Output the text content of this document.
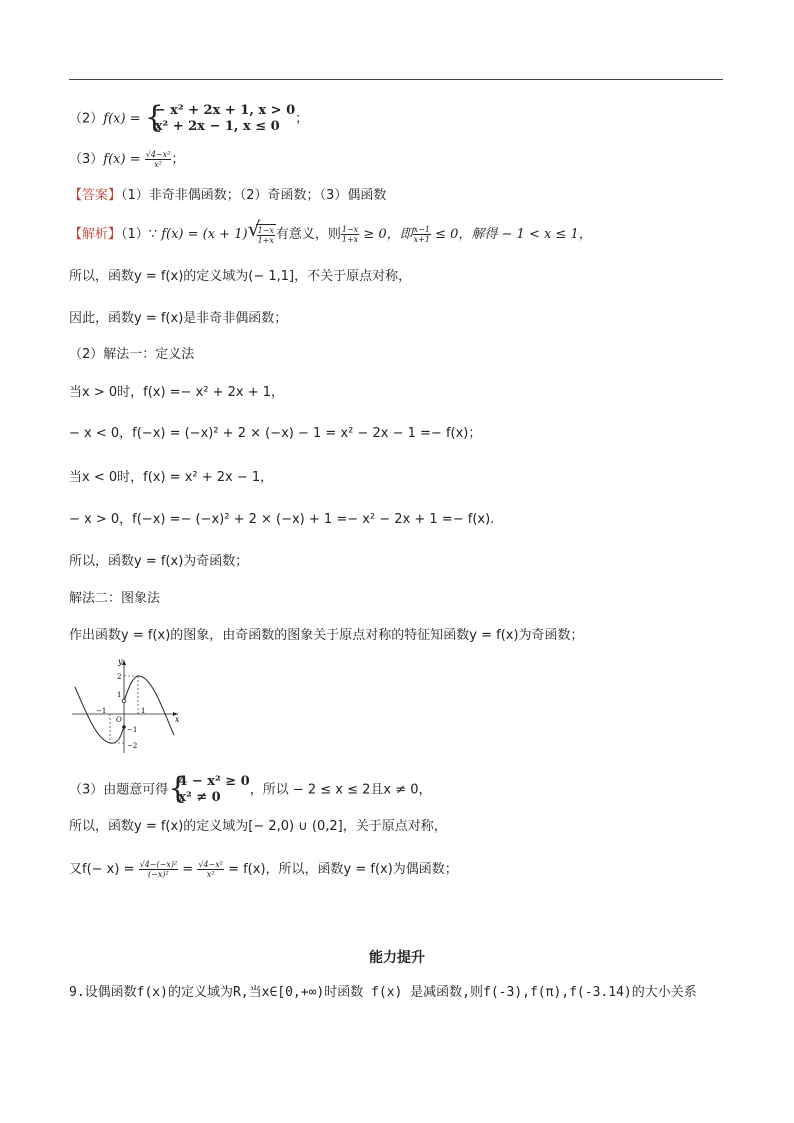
（2）f(x) = {
− x² + 2x + 1, x > 0
x² + 2x − 1, x ≤ 0	；
$(3)f(x) = \frac{\text{√4−x²}}{\text{x²}}$ ；
【答案】（1）非奇非偶函数；（2）奇函数；（3）偶函数
【解析】（1）∵ f(x) = (x + 1) √
$\frac{1-x}{1+x}$ 有意义，则 $\frac{1-x}{1+x} \ge 0$，即 $\frac{x-1}{x+1} \le 0$，解得 − 1 < x ≤ 1，
所以，函数y = f(x)的定义域为(− 1,1]，不关于原点对称，
因此，函数y = f(x)是非奇非偶函数；
（2）解法一：定义法
当x > 0时，f(x) =− x² + 2x + 1，
− x < 0，f(−x) = (−x)² + 2 × (−x) − 1 = x² − 2x − 1 =− f(x)；
当x < 0时，f(x) = x² + 2x − 1，
− x > 0，f(−x) =− (−x)² + 2 × (−x) + 1 =− x² − 2x + 1 =− f(x).
所以，函数y = f(x)为奇函数；
解法二：图象法
作出函数y = f(x)的图象，由奇函数的图象关于原点对称的特征知函数y = f(x)为奇函数；
y
x
O
2
1
−1
−2
1
−1
（3）由题意可得 {
4 − x² ≥ 0
x² ≠ 0	，所以 − 2 ≤ x ≤ 2且x ≠ 0，
所以，函数y = f(x)的定义域为[− 2,0) ∪ (0,2]，关于原点对称，
又$f(- x) = \frac{\text{√4−(−x)²}}{\text{(−x)²}} = \frac{\text{√4−x²}}{\text{x²}} = f(x)$，所以，函数y = f(x)为偶函数；
能力提升
9.设偶函数f(x)的定义域为R,当x∈[0,+∞)时函数 f(x) 是减函数,则f(-3),f(π),f(-3.14)的大小关系
